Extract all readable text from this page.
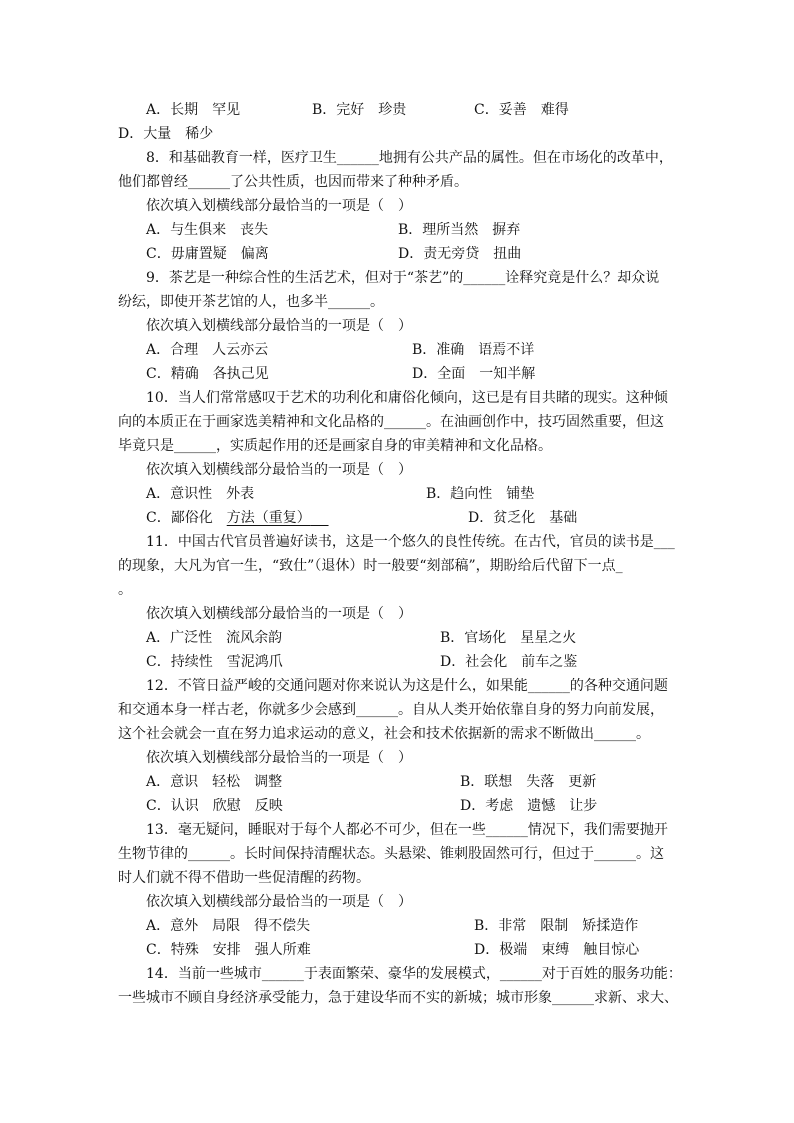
A．长期　罕见	B．完好　珍贵	C．妥善　难得
D．大量　稀少
8．和基础教育一样，医疗卫生______地拥有公共产品的属性。但在市场化的改革中，
他们都曾经______了公共性质，也因而带来了种种矛盾。
依次填入划横线部分最恰当的一项是（　）
A．与生俱来　丧失	B．理所当然　摒弃
C．毋庸置疑　偏离	D．责无旁贷　扭曲
9．茶艺是一种综合性的生活艺术，但对于“茶艺”的______诠释究竟是什么？却众说
纷纭，即使开茶艺馆的人，也多半______。
依次填入划横线部分最恰当的一项是（　）
A．合理　人云亦云	B．准确　语焉不详
C．精确　各执己见	D．全面　一知半解
10．当人们常常感叹于艺术的功利化和庸俗化倾向，这已是有目共睹的现实。这种倾
向的本质正在于画家选美精神和文化品格的______。在油画创作中，技巧固然重要，但这
毕竟只是______，实质起作用的还是画家自身的审美精神和文化品格。
依次填入划横线部分最恰当的一项是（　）
A．意识性　外表	B．趋向性　铺垫
C．鄙俗化　方法（重复）	D．贫乏化　基础
11．中国古代官员普遍好读书，这是一个悠久的良性传统。在古代，官员的读书是___
的现象，大凡为官一生，“致仕”（退休）时一般要“刻部稿”，期盼给后代留下一点_
。
依次填入划横线部分最恰当的一项是（　）
A．广泛性　流风余韵	B．官场化　星星之火
C．持续性　雪泥鸿爪	D．社会化　前车之鉴
12．不管日益严峻的交通问题对你来说认为这是什么，如果能______的各种交通问题
和交通本身一样古老，你就多少会感到______。自从人类开始依靠自身的努力向前发展，
这个社会就会一直在努力追求运动的意义，社会和技术依据新的需求不断做出______。
依次填入划横线部分最恰当的一项是（　）
A．意识　轻松　调整	B．联想　失落　更新
C．认识　欣慰　反映	D．考虑　遗憾　让步
13．毫无疑问，睡眠对于每个人都必不可少，但在一些______情况下，我们需要抛开
生物节律的______。长时间保持清醒状态。头悬梁、锥刺股固然可行，但过于______。这
时人们就不得不借助一些促清醒的药物。
依次填入划横线部分最恰当的一项是（　）
A．意外　局限　得不偿失	B．非常　限制　矫揉造作
C．特殊　安排　强人所难	D．极端　束缚　触目惊心
14．当前一些城市______于表面繁荣、豪华的发展模式，______对于百姓的服务功能：
一些城市不顾自身经济承受能力，急于建设华而不实的新城；城市形象______求新、求大、
